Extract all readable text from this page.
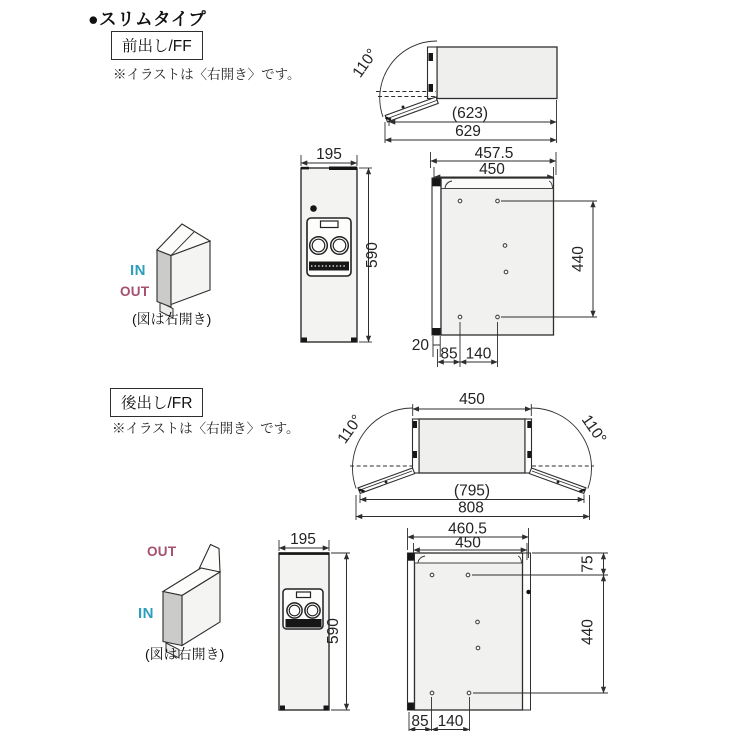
110°
(623)
629
195
590
457.5
450
440
20 85 140
450
110°	110°
(795)
808
195
590
460.5
450
75
440
85 140
●スリムタイプ
前出し/FF
※イラストは〈右開き〉です。
IN
OUT
(図は右開き)
後出し/FR
※イラストは〈右開き〉です。
OUT
IN
(図は右開き)
